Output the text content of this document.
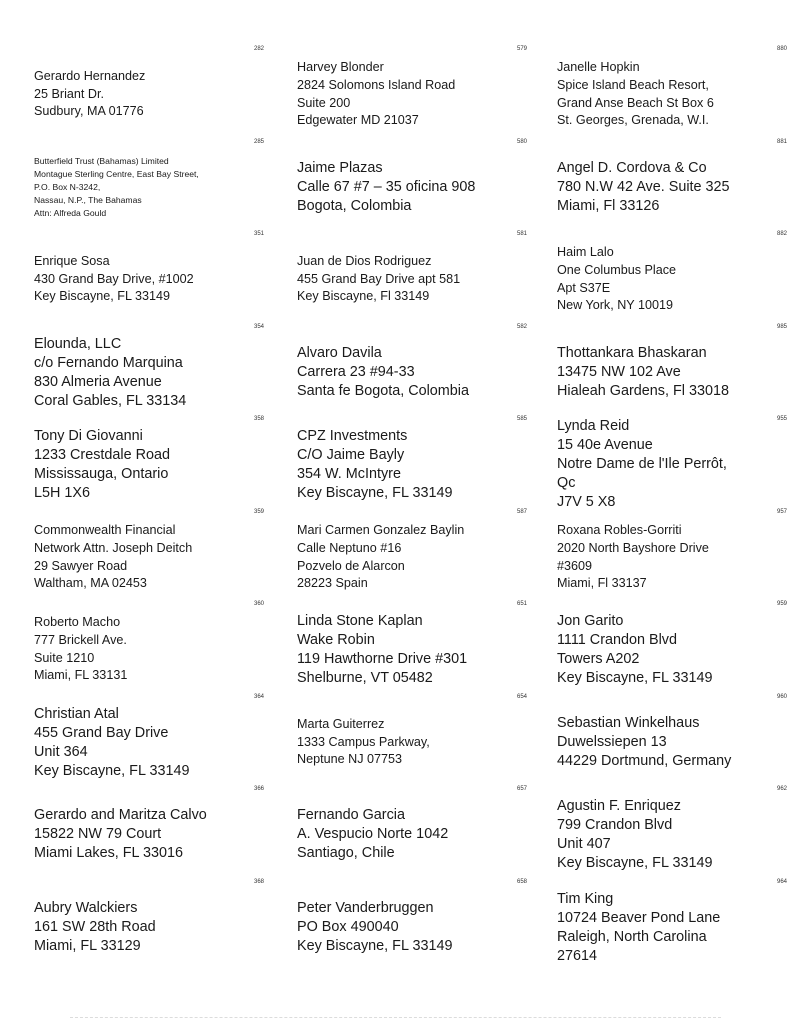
282
Gerardo Hernandez
25 Briant Dr.
Sudbury, MA 01776
285
Butterfield Trust (Bahamas) Limited
Montague Sterling Centre, East Bay Street,
P.O. Box N-3242,
Nassau, N.P., The Bahamas
Attn: Alfreda Gould
351
Enrique Sosa
430 Grand Bay Drive, #1002
Key Biscayne, FL 33149
354
Elounda, LLC
c/o Fernando Marquina
830 Almeria Avenue
Coral Gables, FL 33134
358
Tony Di Giovanni
1233 Crestdale Road
Mississauga, Ontario
L5H 1X6
359
Commonwealth Financial
Network Attn. Joseph Deitch
29 Sawyer Road
Waltham, MA 02453
360
Roberto Macho
777 Brickell Ave.
Suite 1210
Miami, FL 33131
364
Christian Atal
455 Grand Bay Drive
Unit 364
Key Biscayne, FL 33149
366
Gerardo and Maritza Calvo
15822 NW 79 Court
Miami Lakes, FL 33016
368
Aubry Walckiers
161 SW 28th Road
Miami, FL 33129
579
Harvey Blonder
2824 Solomons Island Road
Suite 200
Edgewater MD 21037
580
Jaime Plazas
Calle 67 #7 – 35 oficina 908
Bogota, Colombia
581
Juan de Dios Rodriguez
455 Grand Bay Drive apt 581
Key Biscayne, Fl 33149
582
Alvaro Davila
Carrera 23 #94-33
Santa fe Bogota, Colombia
585
CPZ Investments
C/O Jaime Bayly
354 W. McIntyre
Key Biscayne, FL 33149
587
Mari Carmen Gonzalez Baylin
Calle Neptuno #16
Pozvelo de Alarcon
28223 Spain
651
Linda Stone Kaplan
Wake Robin
119 Hawthorne Drive #301
Shelburne, VT 05482
654
Marta Guiterrez
1333 Campus Parkway,
Neptune NJ 07753
657
Fernando Garcia
A. Vespucio Norte 1042
Santiago, Chile
658
Peter Vanderbruggen
PO Box 490040
Key Biscayne, FL 33149
880
Janelle Hopkin
Spice Island Beach Resort,
Grand Anse Beach St Box 6
St. Georges, Grenada, W.I.
881
Angel D. Cordova & Co
780 N.W 42 Ave. Suite 325
Miami, Fl 33126
882
Haim Lalo
One Columbus Place
Apt S37E
New York, NY 10019
985
Thottankara Bhaskaran
13475 NW 102 Ave
Hialeah Gardens, Fl 33018
955
Lynda Reid
15 40e Avenue
Notre Dame de l'Ile Perrôt,
Qc
J7V 5 X8
957
Roxana Robles-Gorriti
2020 North Bayshore Drive
#3609
Miami, Fl 33137
959
Jon Garito
1111 Crandon Blvd
Towers A202
Key Biscayne, FL 33149
960
Sebastian Winkelhaus
Duwelssiepen 13
44229 Dortmund, Germany
962
Agustin F. Enriquez
799 Crandon Blvd
Unit 407
Key Biscayne, FL 33149
964
Tim King
10724 Beaver Pond Lane
Raleigh, North Carolina
27614
